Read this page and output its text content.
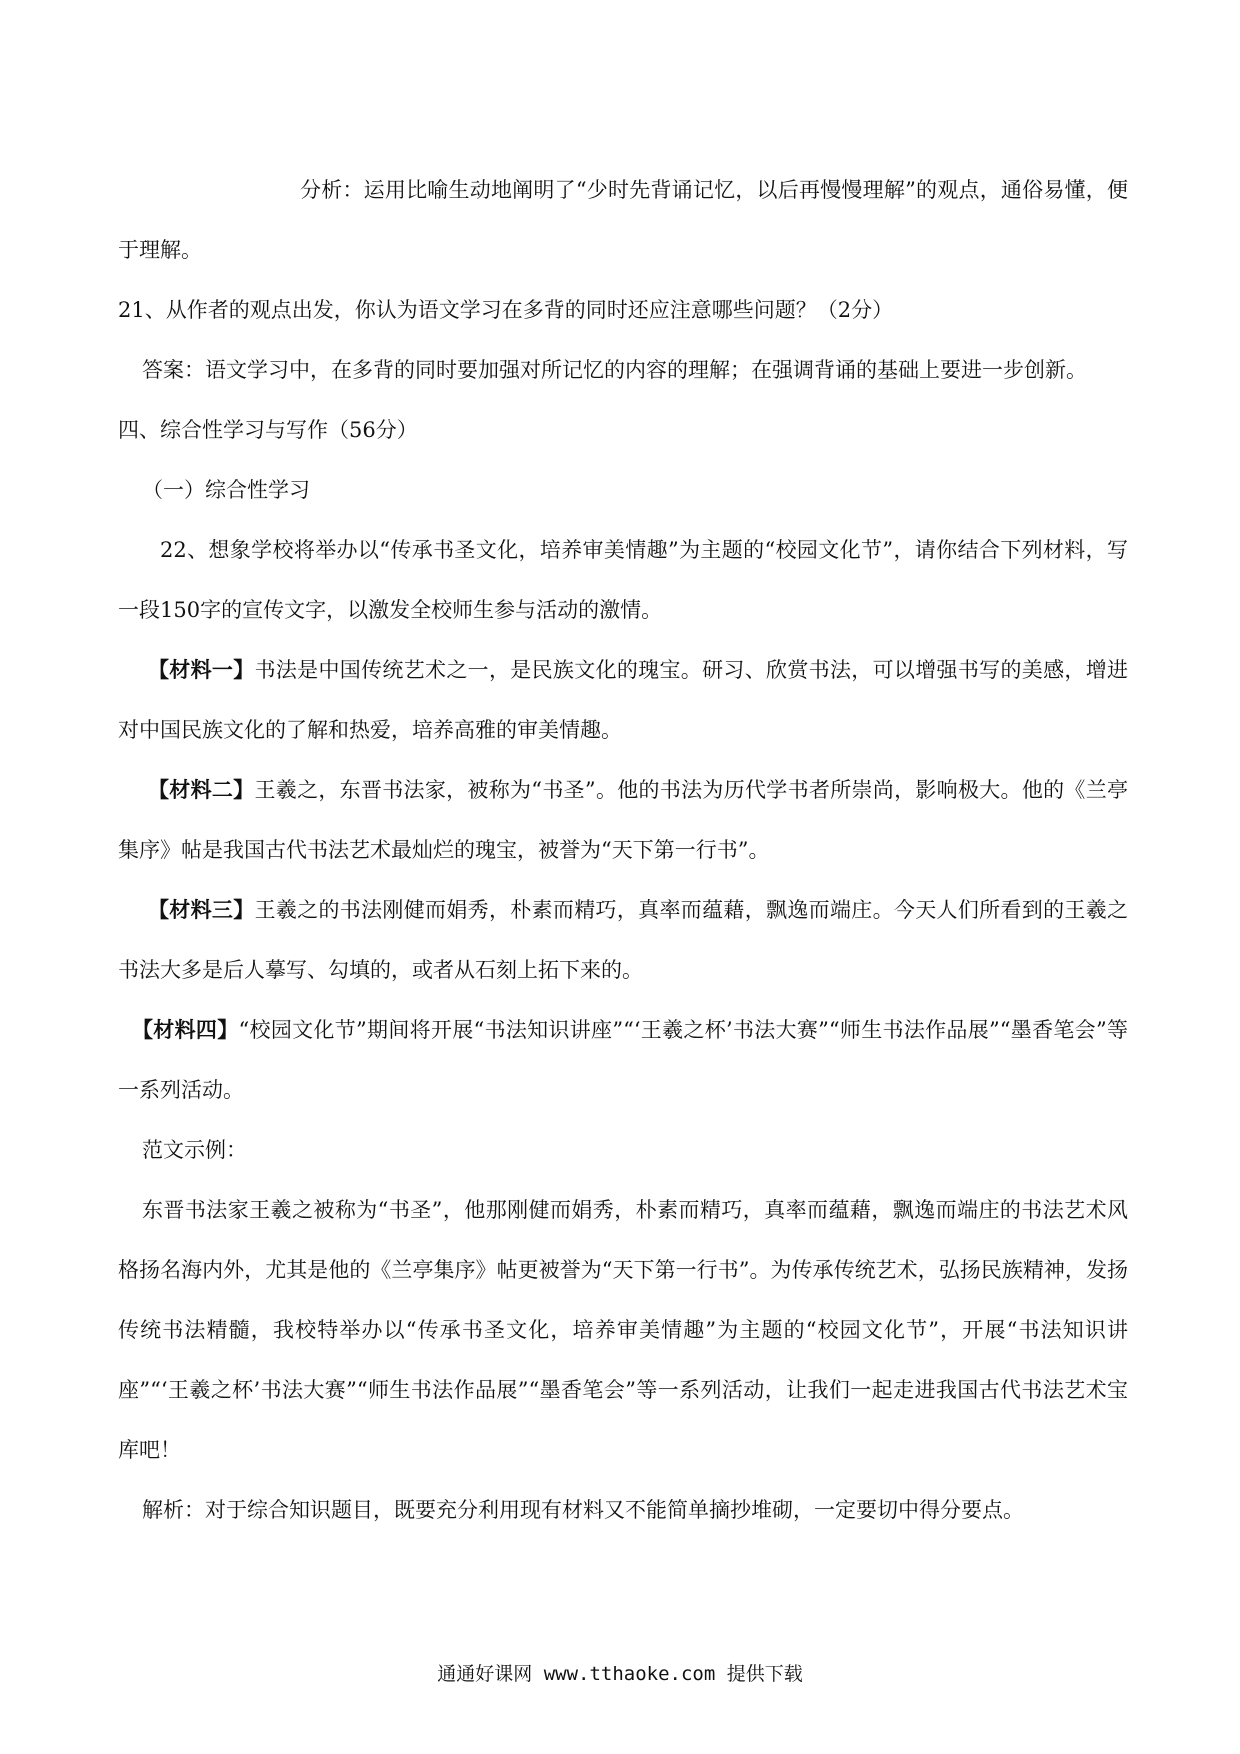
分析：运用比喻生动地阐明了“少时先背诵记忆，以后再慢慢理解”的观点，通俗易懂，便于理解。

21、从作者的观点出发，你认为语文学习在多背的同时还应注意哪些问题？（2分）

答案：语文学习中，在多背的同时要加强对所记忆的内容的理解；在强调背诵的基础上要进一步创新。

四、综合性学习与写作（56分）

（一）综合性学习

22、想象学校将举办以“传承书圣文化，培养审美情趣”为主题的“校园文化节”，请你结合下列材料，写一段150字的宣传文字，以激发全校师生参与活动的激情。

【材料一】书法是中国传统艺术之一，是民族文化的瑰宝。研习、欣赏书法，可以增强书写的美感，增进对中国民族文化的了解和热爱，培养高雅的审美情趣。

【材料二】王羲之，东晋书法家，被称为“书圣”。他的书法为历代学书者所崇尚，影响极大。他的《兰亭集序》帖是我国古代书法艺术最灿烂的瑰宝，被誉为“天下第一行书”。

【材料三】王羲之的书法刚健而娟秀，朴素而精巧，真率而蕴藉，飘逸而端庄。今天人们所看到的王羲之书法大多是后人摹写、勾填的，或者从石刻上拓下来的。

【材料四】“校园文化节”期间将开展“书法知识讲座”“‘王羲之杯’书法大赛”“师生书法作品展”“墨香笔会”等一系列活动。

范文示例：

东晋书法家王羲之被称为“书圣”，他那刚健而娟秀，朴素而精巧，真率而蕴藉，飘逸而端庄的书法艺术风格扬名海内外，尤其是他的《兰亭集序》帖更被誉为“天下第一行书”。为传承传统艺术，弘扬民族精神，发扬传统书法精髓，我校特举办以“传承书圣文化，培养审美情趣”为主题的“校园文化节”，开展“书法知识讲座”“‘王羲之杯’书法大赛”“师生书法作品展”“墨香笔会”等一系列活动，让我们一起走进我国古代书法艺术宝库吧！

解析：对于综合知识题目，既要充分利用现有材料又不能简单摘抄堆砌，一定要切中得分要点。

通通好课网 www.tthaoke.com 提供下载
